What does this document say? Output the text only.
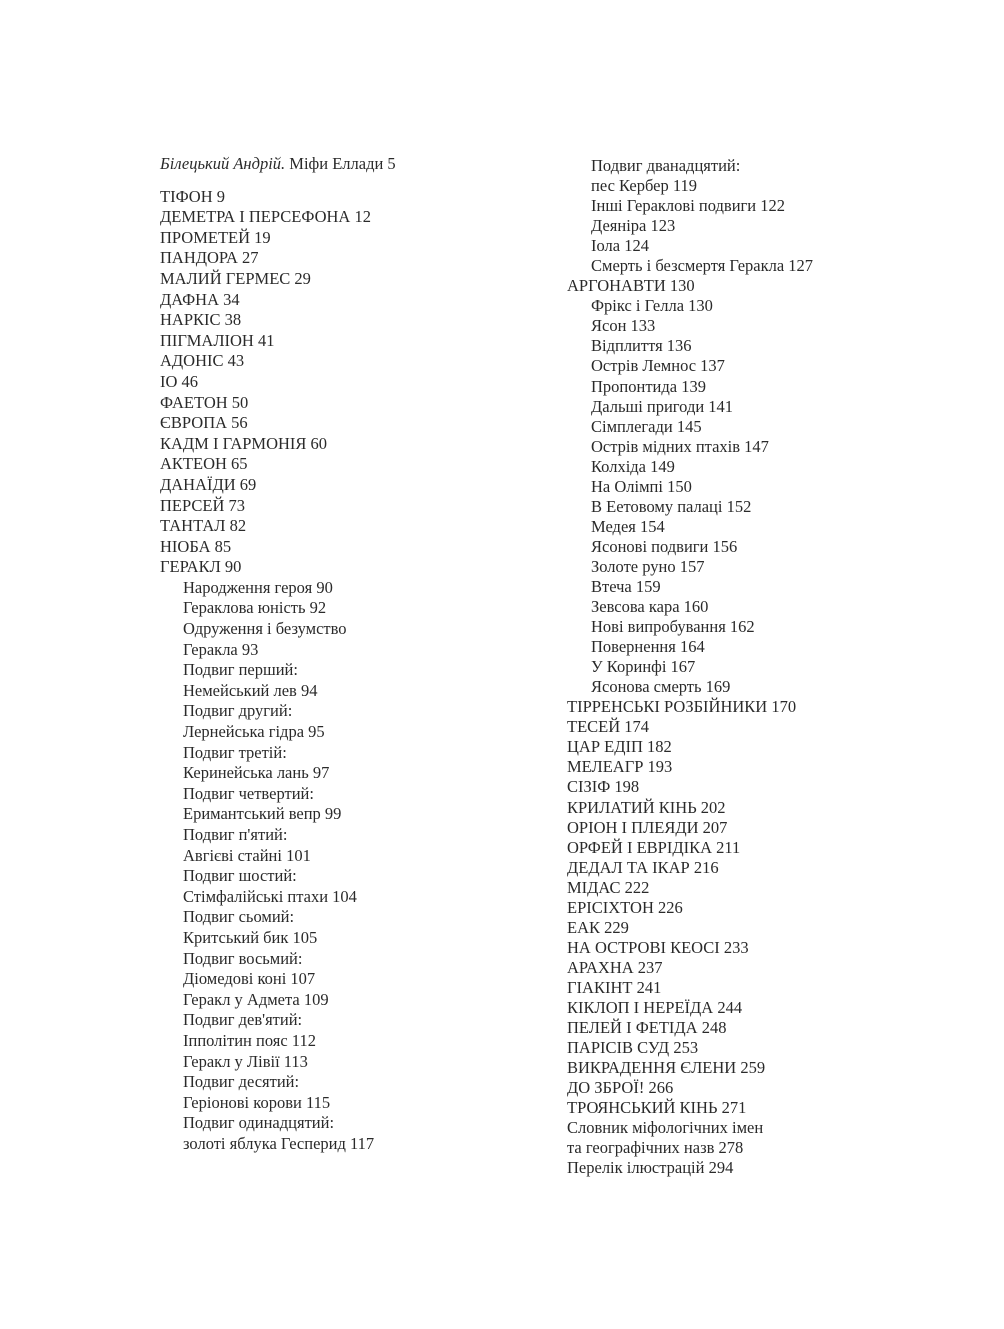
Білецький Андрій. Міфи Еллади 5
ТІФОН 9
ДЕМЕТРА І ПЕРСЕФОНА 12
ПРОМЕТЕЙ 19
ПАНДОРА 27
МАЛИЙ ГЕРМЕС 29
ДАФНА 34
НАРКІС 38
ПІГМАЛІОН 41
АДОНІС 43
ІО 46
ФАЕТОН 50
ЄВРОПА 56
КАДМ І ГАРМОНІЯ 60
АКТЕОН 65
ДАНАЇДИ 69
ПЕРСЕЙ 73
ТАНТАЛ 82
НІОБА 85
ГЕРАКЛ 90
Народження героя 90
Гераклова юність 92
Одруження і безумство
Геракла 93
Подвиг перший:
Немейський лев 94
Подвиг другий:
Лернейська гідра 95
Подвиг третій:
Керинейська лань 97
Подвиг четвертий:
Еримантський вепр 99
Подвиг п'ятий:
Авгієві стайні 101
Подвиг шостий:
Стімфалійські птахи 104
Подвиг сьомий:
Критський бик 105
Подвиг восьмий:
Діомедові коні 107
Геракл у Адмета 109
Подвиг дев'ятий:
Іпполітин пояс 112
Геракл у Лівії 113
Подвиг десятий:
Геріонові корови 115
Подвиг одинадцятий:
золоті яблука Гесперид 117
Подвиг дванадцятий:
пес Кербер 119
Інші Гераклові подвиги 122
Деяніра 123
Іола 124
Смерть і безсмертя Геракла 127
АРГОНАВТИ 130
Фрікс і Гелла 130
Ясон 133
Відплиття 136
Острів Лемнос 137
Пропонтида 139
Дальші пригоди 141
Сімплегади 145
Острів мідних птахів 147
Колхіда 149
На Олімпі 150
В Еетовому палаці 152
Медея 154
Ясонові подвиги 156
Золоте руно 157
Втеча 159
Зевсова кара 160
Нові випробування 162
Повернення 164
У Коринфі 167
Ясонова смерть 169
ТІРРЕНСЬКІ РОЗБІЙНИКИ 170
ТЕСЕЙ 174
ЦАР ЕДІП 182
МЕЛЕАГР 193
СІЗІФ 198
КРИЛАТИЙ КІНЬ 202
ОРІОН І ПЛЕЯДИ 207
ОРФЕЙ І ЕВРІДІКА 211
ДЕДАЛ ТА ІКАР 216
МІДАС 222
ЕРІСІХТОН 226
ЕАК 229
НА ОСТРОВІ КЕОСІ 233
АРАХНА 237
ГІАКІНТ 241
КІКЛОП І НЕРЕЇДА 244
ПЕЛЕЙ І ФЕТІДА 248
ПАРІСІВ СУД 253
ВИКРАДЕННЯ ЄЛЕНИ 259
ДО ЗБРОЇ! 266
ТРОЯНСЬКИЙ КІНЬ 271
Словник міфологічних імен
та географічних назв 278
Перелік ілюстрацій 294
